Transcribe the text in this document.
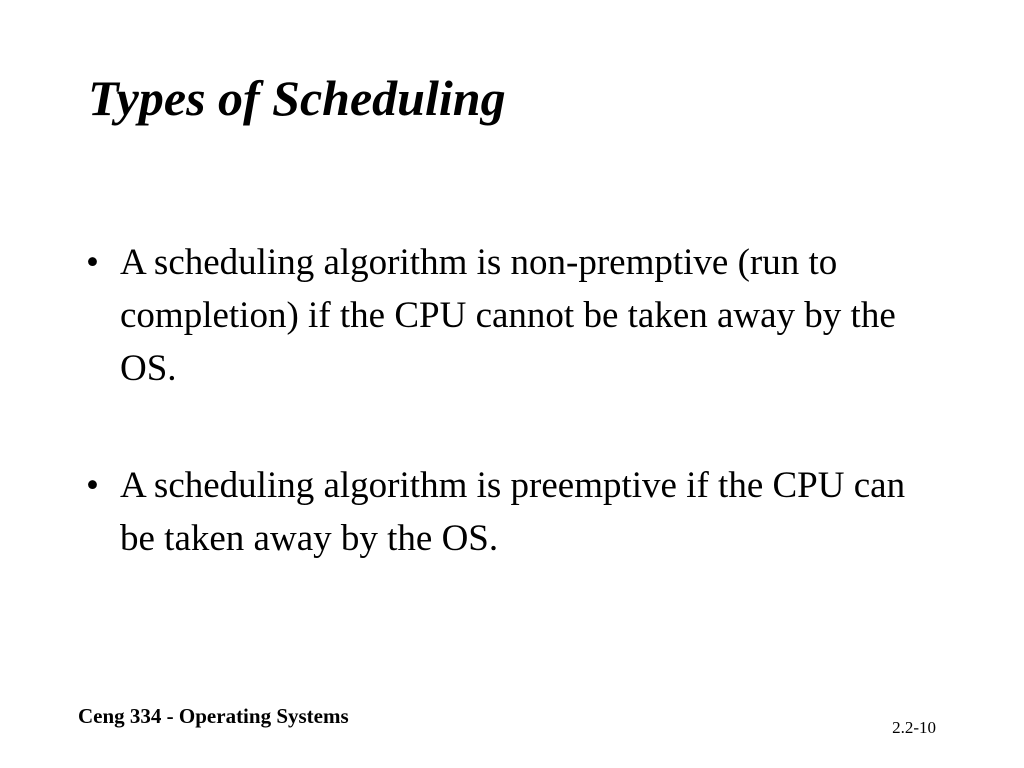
Types of Scheduling
• A scheduling algorithm is non-premptive (run to completion) if the CPU cannot be taken away by the OS.
• A scheduling algorithm is preemptive if the CPU can be taken away by the OS.
Ceng 334 - Operating Systems	2.2-10
